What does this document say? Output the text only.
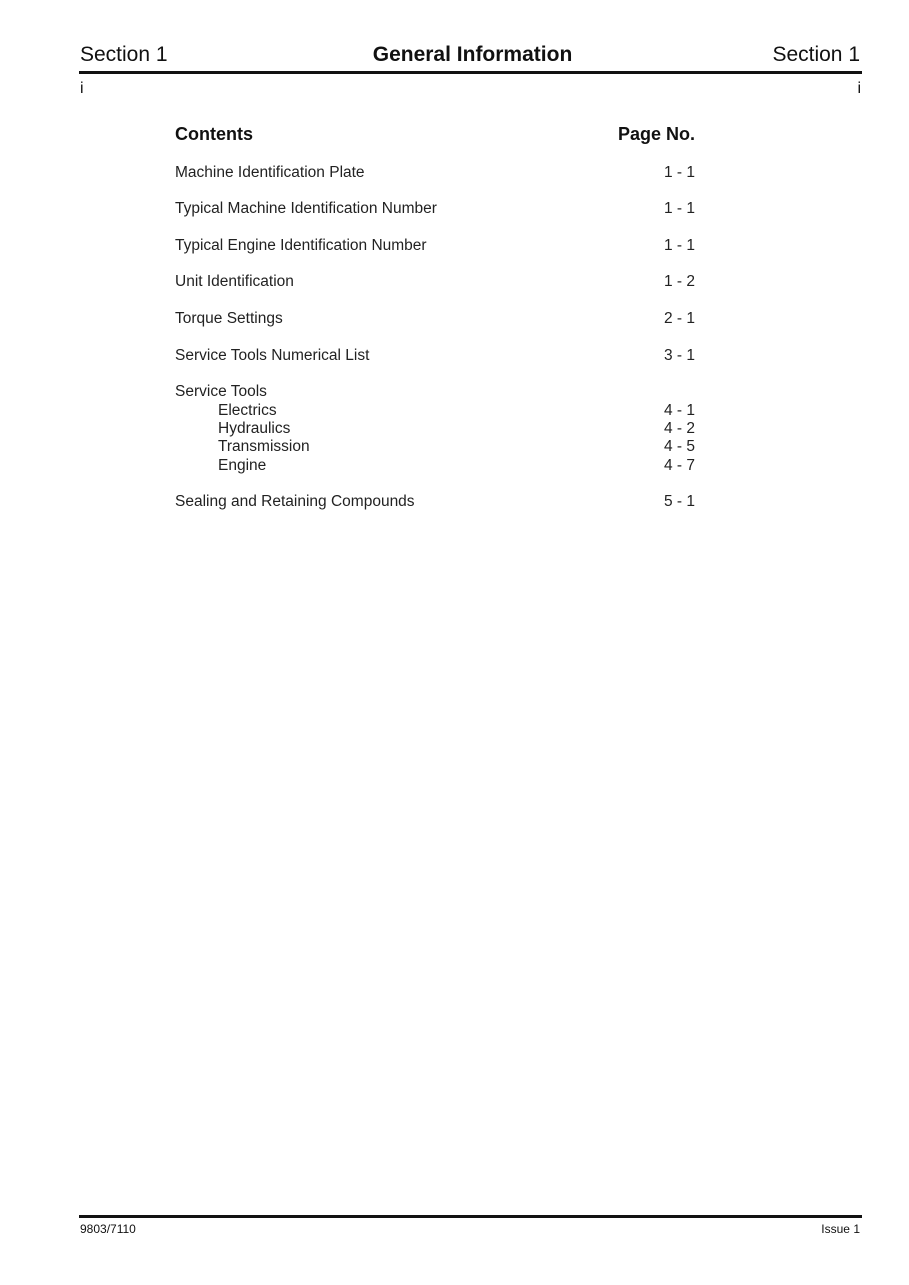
Section 1	General Information	Section 1
i	i
Contents	Page No.
Machine Identification Plate	1 - 1
Typical Machine Identification Number	1 - 1
Typical Engine Identification Number	1 - 1
Unit Identification	1 - 2
Torque Settings	2 - 1
Service Tools Numerical List	3 - 1
Service Tools
Electrics	4 - 1
Hydraulics	4 - 2
Transmission	4 - 5
Engine	4 - 7
Sealing and Retaining Compounds	5 - 1
9803/7110	Issue 1
